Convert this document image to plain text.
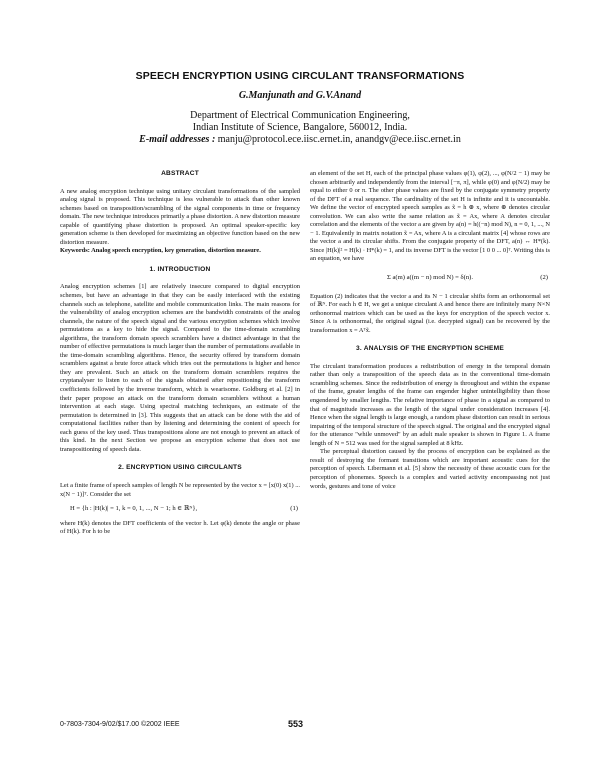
SPEECH ENCRYPTION USING CIRCULANT TRANSFORMATIONS
G.Manjunath and G.V.Anand
Department of Electrical Communication Engineering,
Indian Institute of Science, Bangalore, 560012, India.
E-mail addresses : manju@protocol.ece.iisc.ernet.in, anandgv@ece.iisc.ernet.in
ABSTRACT

A new analog encryption technique using unitary circulant transformations of the sampled analog signal is proposed. This technique is less vulnerable to attack than other known schemes based on transposition/scrambling of the signal components in time or frequency domain. The new technique introduces primarily a phase distortion. A new distortion measure capable of quantifying phase distortion is proposed. An optimal speaker-specific key generation scheme is then developed for maximizing an objective function based on the new distortion measure.

Keywords: Analog speech encryption, key generation, distortion measure.

1. INTRODUCTION

Analog encryption schemes [1] are relatively insecure compared to digital encryption schemes, but have an advantage in that they can be easily interfaced with the existing channels such as telephone, satellite and mobile communication links. The main reasons for the vulnerability of analog encryption schemes are the bandwidth constraints of the analog channels, the nature of the speech signal and the various encryption schemes which involve permutations as a key to hide the signal. Compared to the time-domain scrambling algorithms, the transform domain speech scramblers have a distinct advantage in that the number of effective permutations is much larger than the number of permutations available in the time-domain scrambling algorithms. Hence, the security offered by transform domain scramblers against a brute force attack which tries out the permutations is higher and hence they are prevalent. Such an attack on the transform domain scramblers requires the cryptanalyser to listen to each of the signals obtained after repositioning the transform coefficients followed by the inverse transform, which is wearisome. Goldburg et al. [2] in their paper propose an attack on the transform domain scramblers without a human intervention at each stage. Using spectral matching techniques, an estimate of the permutation is determined in [3]. This suggests that an attack can be done with the aid of computational facilities rather than by listening and determining the content of speech for each guess of the key used. Thus transpositions alone are not enough to prevent an attack of this kind. In the next Section we propose an encryption scheme that does not use transpositioning of speech data.

2. ENCRYPTION USING CIRCULANTS

Let a finite frame of speech samples of length N be represented by the vector x = [x(0) x(1) ... x(N − 1)]ᵀ. Consider the set

H = {h : |H(k)| = 1, k = 0, 1, ..., N − 1; h ∈ ℝᴺ},	(1)

where H(k) denotes the DFT coefficients of the vector h. Let φ(k) denote the angle or phase of H(k). For h to be

an element of the set H, each of the principal phase values φ(1), φ(2), ..., φ(N/2 − 1) may be chosen arbitrarily and independently from the interval [−π, π], while φ(0) and φ(N/2) may be equal to either 0 or π. The other phase values are fixed by the conjugate symmetry property of the DFT of a real sequence. The cardinality of the set H is infinite and it is uncountable. We define the vector of encrypted speech samples as x̃ = h ⊛ x, where ⊛ denotes circular convolution. We can also write the same relation as x̃ = Ax, where A denotes circular correlation and the elements of the vector a are given by a(n) = h((−n) mod N), n = 0, 1, ..., N − 1. Equivalently in matrix notation x̃ = Ax, where A is a circulant matrix [4] whose rows are the vector a and its circular shifts. From the conjugate property of the DFT, a(n) ↔ H*(k). Since |H(k)|² = H(k) · H*(k) = 1, and its inverse DFT is the vector [1 0 0 ... 0]ᵀ. Writing this is an equation, we have

Σ a(m) a((m − n) mod N) = δ(n).	(2)

Equation (2) indicates that the vector a and its N − 1 circular shifts form an orthonormal set of ℝᴺ. For each h ∈ H, we get a unique circulant A and hence there are infinitely many N×N orthonormal matrices which can be used as the keys for encryption of the speech vector x. Since A is orthonormal, the original signal (i.e. decrypted signal) can be recovered by the transformation x = Aᵀx̃.

3. ANALYSIS OF THE ENCRYPTION SCHEME

The circulant transformation produces a redistribution of energy in the temporal domain rather than only a transposition of the speech data as in the conventional time-domain scrambling schemes. Since the redistribution of energy is throughout and within the expanse of the frame, greater lengths of the frame can engender higher unintelligibility than those engendered by smaller lengths. The relative importance of phase in a signal as compared to that of magnitude increases as the length of the signal under consideration increases [4]. Hence when the signal length is large enough, a random phase distortion can result in serious impairing of the temporal structure of the speech signal. The original and the encrypted signal for the utterance "while unmoved" by an adult male speaker is shown in Figure 1. A frame length of N = 512 was used for the signal sampled at 8 kHz.

The perceptual distortion caused by the process of encryption can be explained as the result of destroying the formant transitions which are important acoustic cues for the perception of speech. Libermann et al. [5] show the necessity of these acoustic cues for the perception of phonemes. Speech is a complex and varied activity encompassing not just words, gestures and tone of voice

0-7803-7304-9/02/$17.00 ©2002 IEEE	553
